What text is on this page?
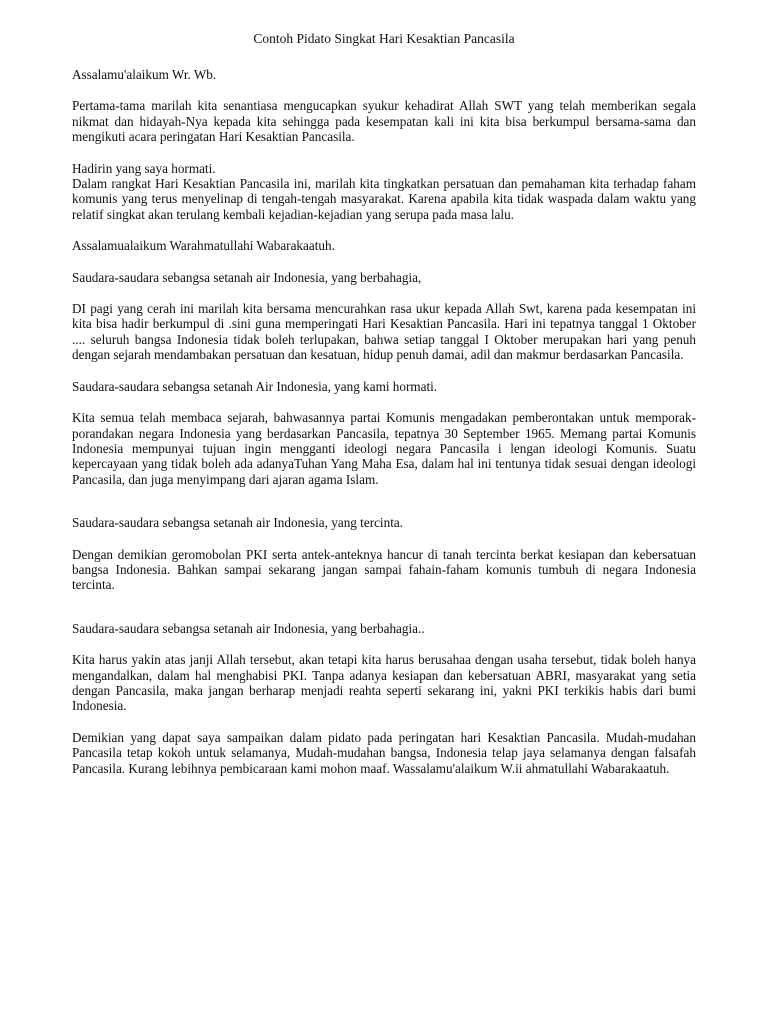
Contoh Pidato Singkat Hari Kesaktian Pancasila

Assalamu'alaikum Wr. Wb.

Pertama-tama marilah kita senantiasa mengucapkan syukur kehadirat Allah SWT yang telah memberikan segala nikmat dan hidayah-Nya kepada kita sehingga pada kesempatan kali ini kita bisa berkumpul bersama-sama dan mengikuti acara peringatan Hari Kesaktian Pancasila.

Hadirin yang saya hormati.

Dalam rangkat Hari Kesaktian Pancasila ini, marilah kita tingkatkan persatuan dan pemahaman kita terhadap faham komunis yang terus menyelinap di tengah-tengah masyarakat. Karena apabila kita tidak waspada dalam waktu yang relatif singkat akan terulang kembali kejadian-kejadian yang serupa pada masa lalu.

Assalamualaikum Warahmatullahi Wabarakaatuh.

Saudara-saudara sebangsa setanah air Indonesia, yang berbahagia,

DI pagi yang cerah ini marilah kita bersama mencurahkan rasa ukur kepada Allah Swt, karena pada kesempatan ini kita bisa hadir berkumpul di .sini guna memperingati Hari Kesaktian Pancasila. Hari ini tepatnya tanggal 1 Oktober .... seluruh bangsa Indonesia tidak boleh terlupakan, bahwa setiap tanggal I Oktober merupakan hari yang penuh dengan sejarah mendambakan persatuan dan kesatuan, hidup penuh damai, adil dan makmur berdasarkan Pancasila.

Saudara-saudara sebangsa setanah Air Indonesia, yang kami hormati.

Kita semua telah membaca sejarah, bahwasannya partai Komunis mengadakan pemberontakan untuk memporak-porandakan negara Indonesia yang berdasarkan Pancasila, tepatnya 30 September 1965. Memang partai Komunis Indonesia mempunyai tujuan ingin mengganti ideologi negara Pancasila i lengan ideologi Komunis. Suatu kepercayaan yang tidak boleh ada adanyaTuhan Yang Maha Esa, dalam hal ini tentunya tidak sesuai dengan ideologi Pancasila, dan juga menyimpang dari ajaran agama Islam.

Saudara-saudara sebangsa setanah air Indonesia, yang tercinta.

Dengan demikian geromobolan PKI serta antek-anteknya hancur di tanah tercinta berkat kesiapan dan kebersatuan bangsa Indonesia. Bahkan sampai sekarang jangan sampai fahain-faham komunis tumbuh di negara Indonesia tercinta.

Saudara-saudara sebangsa setanah air Indonesia, yang berbahagia..

Kita harus yakin atas janji Allah tersebut, akan tetapi kita harus berusahaa dengan usaha tersebut, tidak boleh hanya mengandalkan, dalam hal menghabisi PKI. Tanpa adanya kesiapan dan kebersatuan ABRI, masyarakat yang setia dengan Pancasila, maka jangan berharap menjadi reahta seperti sekarang ini, yakni PKI terkikis habis dari bumi Indonesia.

Demikian yang dapat saya sampaikan dalam pidato pada peringatan hari Kesaktian Pancasila. Mudah-mudahan Pancasila tetap kokoh untuk selamanya, Mudah-mudahan bangsa, Indonesia telap jaya selamanya dengan falsafah Pancasila. Kurang lebihnya pembicaraan kami mohon maaf. Wassalamu'alaikum W.ii ahmatullahi Wabarakaatuh.
